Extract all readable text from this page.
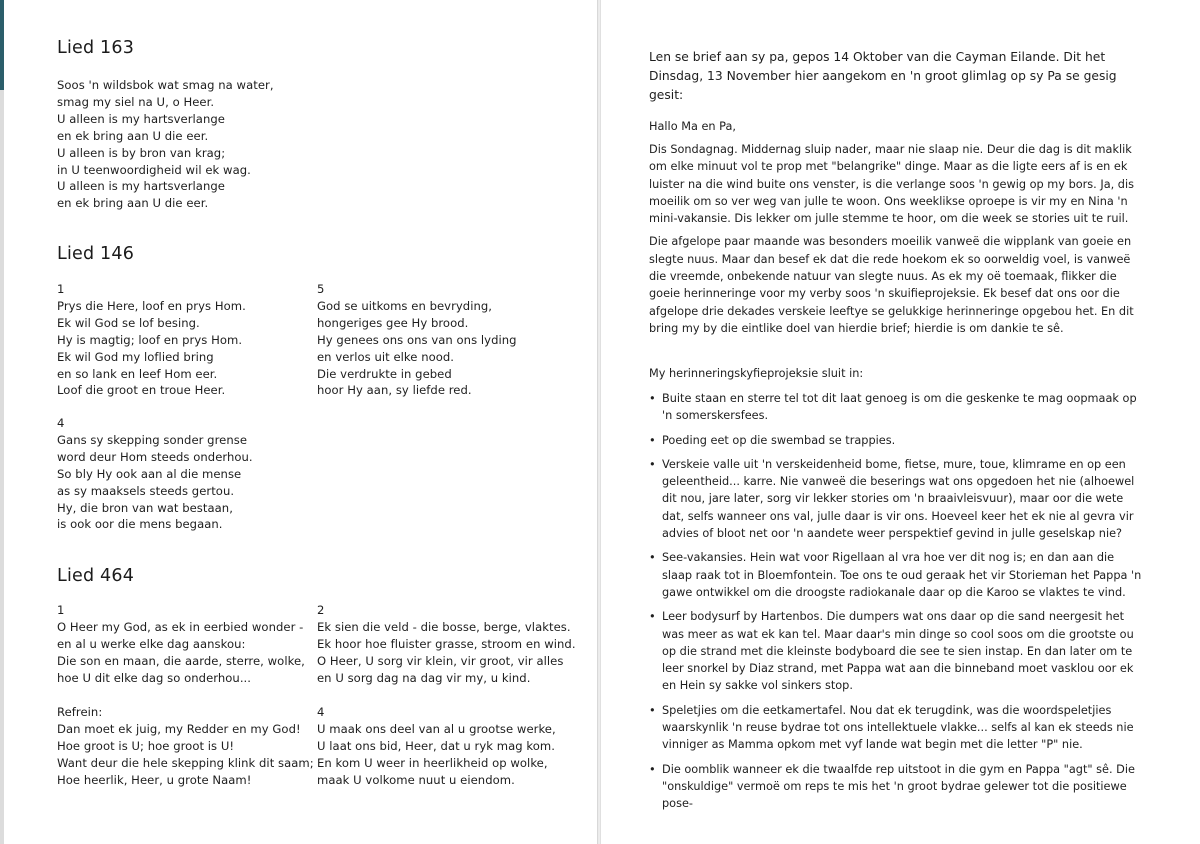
Lied 163
Soos 'n wildsbok wat smag na water,
smag my siel na U, o Heer.
U alleen is my hartsverlange
en ek bring aan U die eer.
U alleen is by bron van krag;
in U teenwoordigheid wil ek wag.
U alleen is my hartsverlange
en ek bring aan U die eer.
Lied 146
1
Prys die Here, loof en prys Hom.
Ek wil God se lof besing.
Hy is magtig; loof en prys Hom.
Ek wil God my loflied bring
en so lank en leef Hom eer.
Loof die groot en troue Heer.
5
God se uitkoms en bevryding,
hongeriges gee Hy brood.
Hy genees ons ons van ons lyding
en verlos uit elke nood.
Die verdrukte in gebed
hoor Hy aan, sy liefde red.
4
Gans sy skepping sonder grense
word deur Hom steeds onderhou.
So bly Hy ook aan al die mense
as sy maaksels steeds gertou.
Hy, die bron van wat bestaan,
is ook oor die mens begaan.
Lied 464
1
O Heer my God, as ek in eerbied wonder -
en al u werke elke dag aanskou:
Die son en maan, die aarde, sterre, wolke,
hoe U dit elke dag so onderhou...
2
Ek sien die veld - die bosse, berge, vlaktes.
Ek hoor hoe fluister grasse, stroom en wind.
O Heer, U sorg vir klein, vir groot, vir alles
en U sorg dag na dag vir my, u kind.
Refrein:
Dan moet ek juig, my Redder en my God!
Hoe groot is U; hoe groot is U!
Want deur die hele skepping klink dit saam;
Hoe heerlik, Heer, u grote Naam!
4
U maak ons deel van al u grootse werke,
U laat ons bid, Heer, dat u ryk mag kom.
En kom U weer in heerlikheid op wolke,
maak U volkome nuut u eiendom.

Len se brief aan sy pa, gepos 14 Oktober van die Cayman Eilande. Dit het Dinsdag, 13 November hier aangekom en 'n groot glimlag op sy Pa se gesig gesit:

Hallo Ma en Pa,

Dis Sondagnag. Middernag sluip nader, maar nie slaap nie. Deur die dag is dit maklik om elke minuut vol te prop met "belangrike" dinge. Maar as die ligte eers af is en ek luister na die wind buite ons venster, is die verlange soos 'n gewig op my bors. Ja, dis moeilik om so ver weg van julle te woon. Ons weeklikse oproepe is vir my en Nina 'n mini-vakansie. Dis lekker om julle stemme te hoor, om die week se stories uit te ruil.

Die afgelope paar maande was besonders moeilik vanweë die wipplank van goeie en slegte nuus. Maar dan besef ek dat die rede hoekom ek so oorweldig voel, is vanweë die vreemde, onbekende natuur van slegte nuus. As ek my oë toemaak, flikker die goeie herinneringe voor my verby soos 'n skuifieprojeksie. Ek besef dat ons oor die afgelope drie dekades verskeie leeftye se gelukkige herinneringe opgebou het. En dit bring my by die eintlike doel van hierdie brief; hierdie is om dankie te sê.

My herinneringskyfieprojeksie sluit in:

• Buite staan en sterre tel tot dit laat genoeg is om die geskenke te mag oopmaak op 'n somerskersfees.
• Poeding eet op die swembad se trappies.
• Verskeie valle uit 'n verskeidenheid bome, fietse, mure, toue, klimrame en op een geleentheid... karre. Nie vanweë die beserings wat ons opgedoen het nie (alhoewel dit nou, jare later, sorg vir lekker stories om 'n braaivleisvuur), maar oor die wete dat, selfs wanneer ons val, julle daar is vir ons. Hoeveel keer het ek nie al gevra vir advies of bloot net oor 'n aandete weer perspektief gevind in julle geselskap nie?
• See-vakansies. Hein wat voor Rigellaan al vra hoe ver dit nog is; en dan aan die slaap raak tot in Bloemfontein. Toe ons te oud geraak het vir Storieman het Pappa 'n gawe ontwikkel om die droogste radiokanale daar op die Karoo se vlaktes te vind.
• Leer bodysurf by Hartenbos. Die dumpers wat ons daar op die sand neergesit het was meer as wat ek kan tel. Maar daar's min dinge so cool soos om die grootste ou op die strand met die kleinste bodyboard die see te sien instap. En dan later om te leer snorkel by Diaz strand, met Pappa wat aan die binneband moet vasklou oor ek en Hein sy sakke vol sinkers stop.
• Speletjies om die eetkamertafel. Nou dat ek terugdink, was die woordspeletjies waarskynlik 'n reuse bydrae tot ons intellektuele vlakke... selfs al kan ek steeds nie vinniger as Mamma opkom met vyf lande wat begin met die letter "P" nie.
• Die oomblik wanneer ek die twaalfde rep uitstoot in die gym en Pappa "agt" sê. Die "onskuldige" vermoë om reps te mis het 'n groot bydrae gelewer tot die positiewe pose-
